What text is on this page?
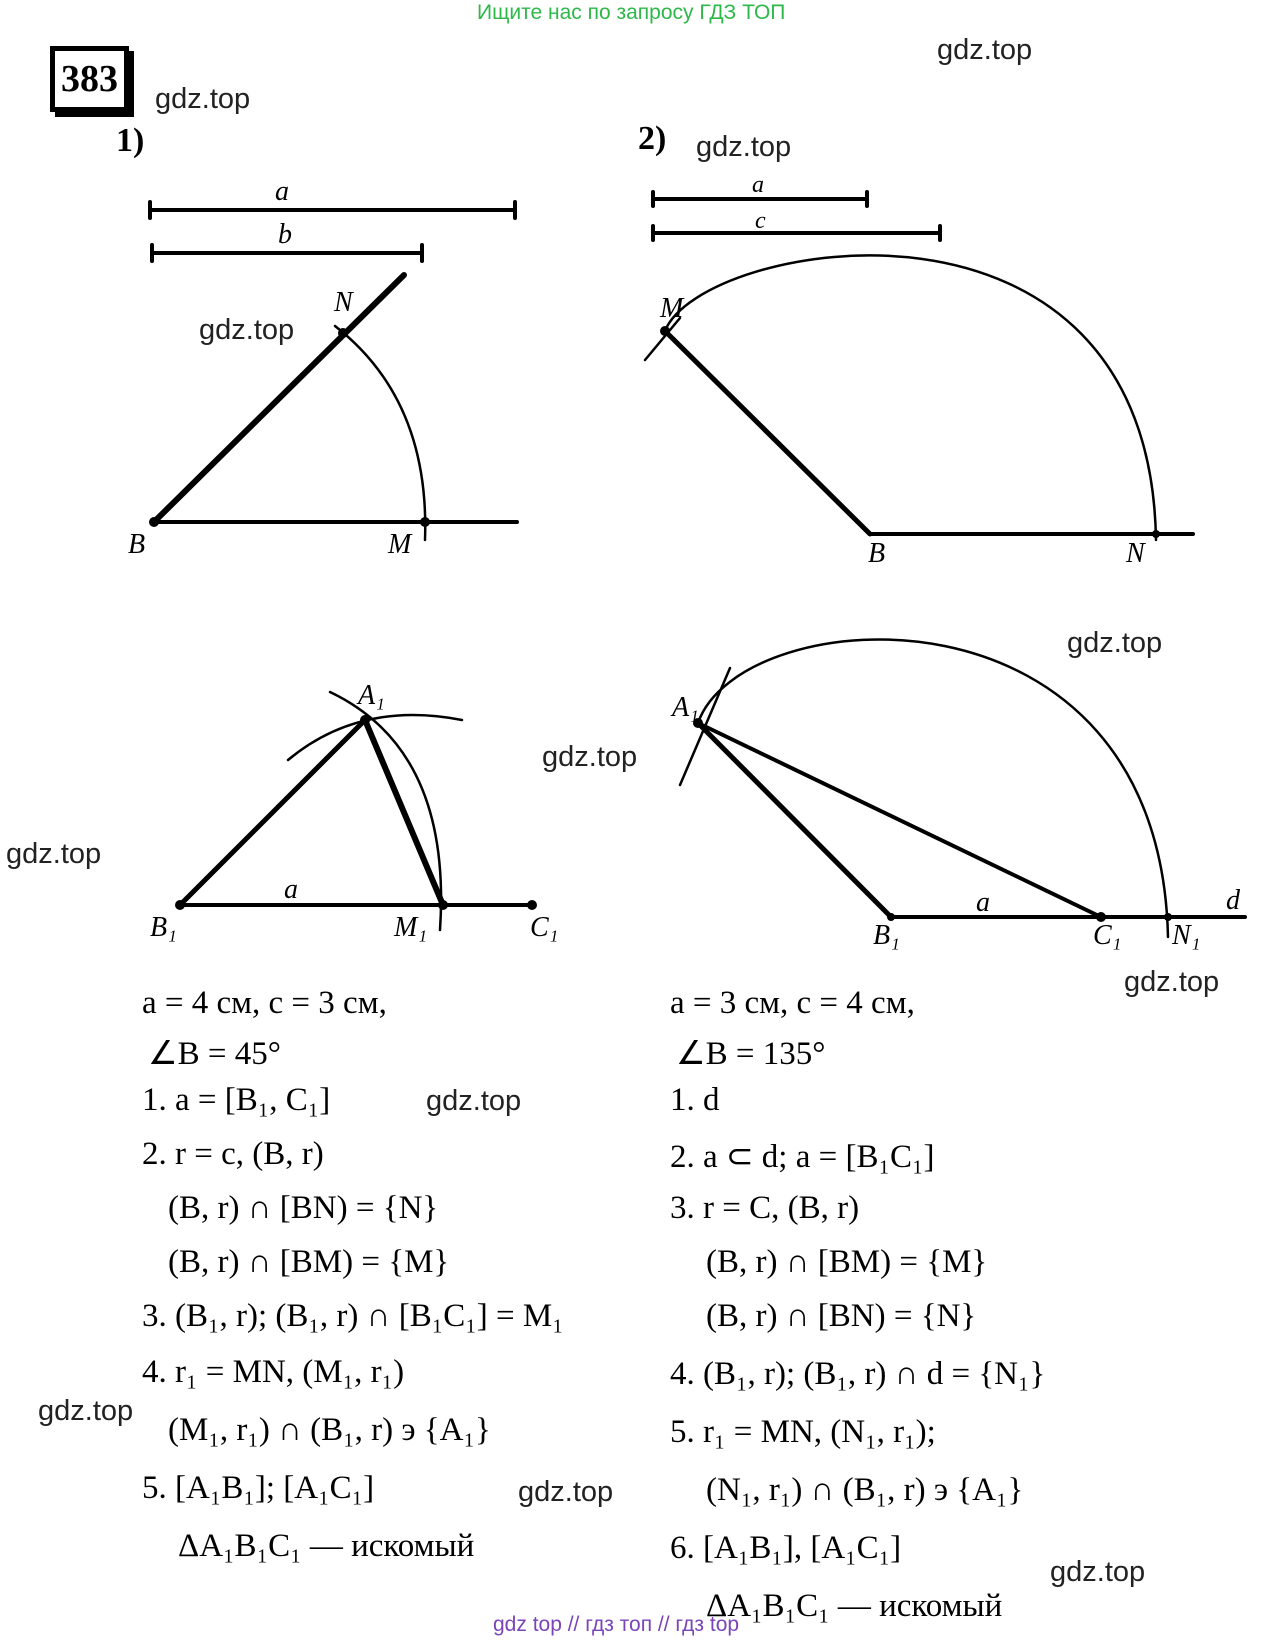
Ищите нас по запросу ГДЗ ТОП
383
1)	2)
a
b
N
B	M
a
c
M
B	N
A₁
B₁
a
M₁	C₁
A₁
B₁
a
C₁ N₁
d
gdz.top
gdz.top
gdz.top
gdz.top
gdz.top
gdz.top
gdz.top
gdz.top
gdz.top
gdz.top
gdz.top
gdz.top
a = 4 см, c = 3 см,
∠B = 45°
1. a = [B₁, C₁]
2. r = c, (B, r)
(B, r) ∩ [BN) = {N}
(B, r) ∩ [BM) = {M}
3. (B₁, r); (B₁, r) ∩ [B₁C₁] = M₁
4. r₁ = MN, (M₁, r₁)
(M₁, r₁) ∩ (B₁, r) э {A₁}
5. [A₁B₁]; [A₁C₁]
ΔA₁B₁C₁ — искомый
a = 3 см, c = 4 см,
∠B = 135°
1. d
2. a ⊂ d; a = [B₁C₁]
3. r = C, (B, r)
(B, r) ∩ [BM) = {M}
(B, r) ∩ [BN) = {N}
4. (B₁, r); (B₁, r) ∩ d = {N₁}
5. r₁ = MN, (N₁, r₁);
(N₁, r₁) ∩ (B₁, r) э {A₁}
6. [A₁B₁], [A₁C₁]
ΔA₁B₁C₁ — искомый
gdz top // гдз топ // гдз top
